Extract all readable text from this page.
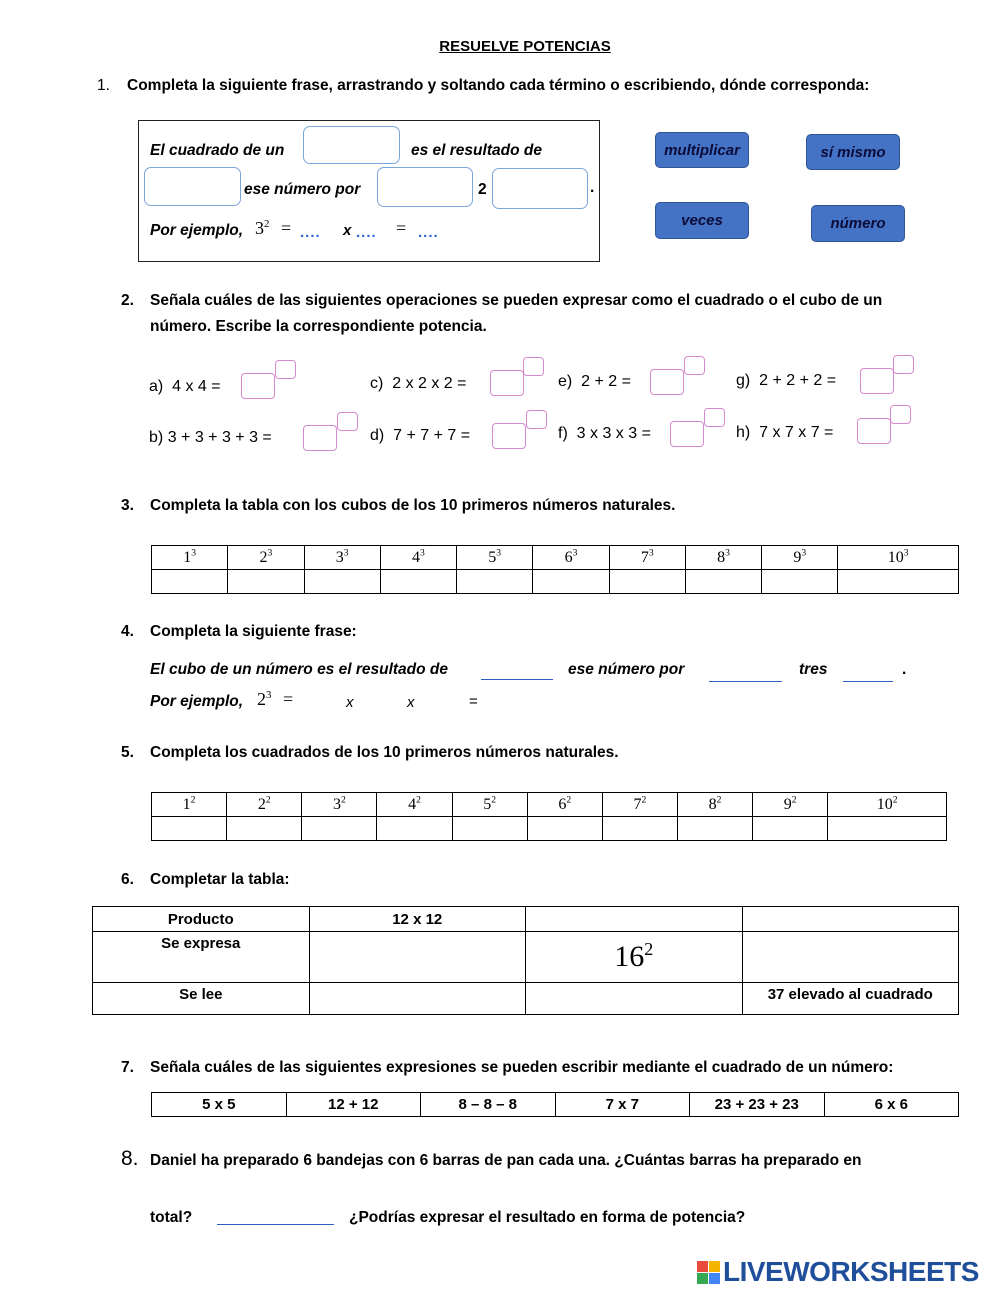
RESUELVE POTENCIAS
1. Completa la siguiente frase, arrastrando y soltando cada término o escribiendo, dónde corresponda:
El cuadrado de un	es el resultado de
ese número por	2	.
Por ejemplo, $3^2$ = .... x .... = ....
multiplicar	sí mismo
veces	número
2. Señala cuáles de las siguientes operaciones se pueden expresar como el cuadrado o el cubo de un
número. Escribe la correspondiente potencia.
a) 4 x 4 =	c) 2 x 2 x 2 =	e) 2 + 2 =	g) 2 + 2 + 2 =
b) 3 + 3 + 3 + 3 =	d) 7 + 7 + 7 =	f) 3 x 3 x 3 =	h) 7 x 7 x 7 =
3. Completa la tabla con los cubos de los 10 primeros números naturales.
$1^3$	$2^3$	$3^3$	$4^3$	$5^3$	$6^3$	$7^3$	$8^3$	$9^3$	$10^3$

4. Completa la siguiente frase:
El cubo de un número es el resultado de	ese número por	tres	.
Por ejemplo, $2^3$ =	x	x	=
5. Completa los cuadrados de los 10 primeros números naturales.
$1^2$	$2^2$	$3^2$	$4^2$	$5^2$	$6^2$	$7^2$	$8^2$	$9^2$	$10^2$

6. Completar la tabla:
Producto	12 x 12		
Se expresa		$16^2$	
Se lee			37 elevado al cuadrado
7. Señala cuáles de las siguientes expresiones se pueden escribir mediante el cuadrado de un número:
5 x 5	12 + 12	8 – 8 – 8	7 x 7	23 + 23 + 23	6 x 6
8. Daniel ha preparado 6 bandejas con 6 barras de pan cada una. ¿Cuántas barras ha preparado en
total?	¿Podrías expresar el resultado en forma de potencia?
LIVEWORKSHEETS
